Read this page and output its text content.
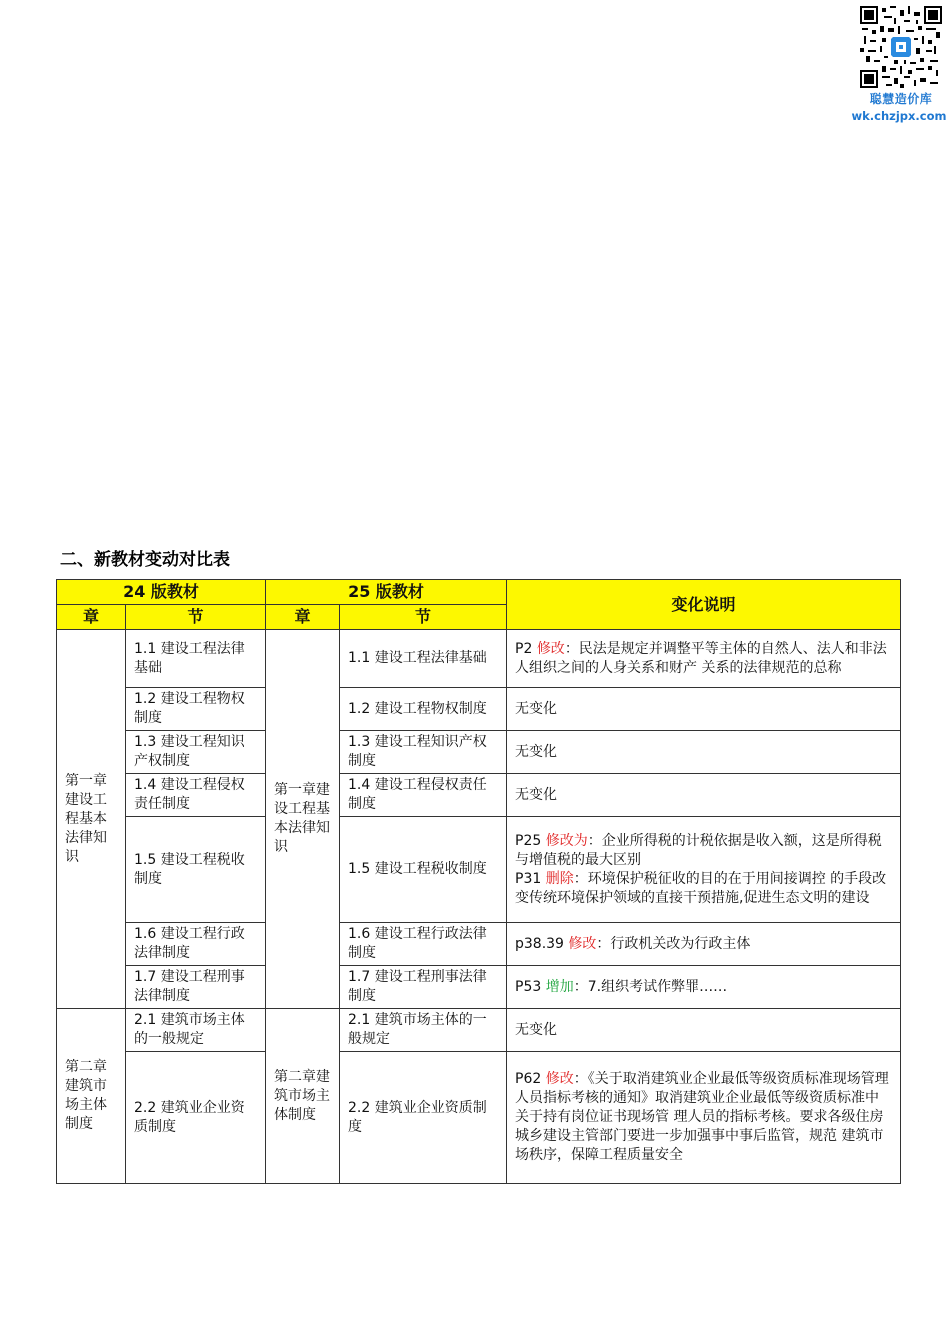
聪慧造价库
wk.chzjpx.com
二、新教材变动对比表
24 版教材		25 版教材		变化说明
章	节	章	节	
第一章建设工程基本法律知识	1.1 建设工程法律基础	第一章建设工程基本法律知识	1.1 建设工程法律基础	P2 修改：民法是规定并调整平等主体的自然人、法人和非法人组织之间的人身关系和财产 关系的法律规范的总称
	1.2 建设工程物权制度		1.2 建设工程物权制度	无变化
	1.3 建设工程知识产权制度		1.3 建设工程知识产权制度	无变化
	1.4 建设工程侵权责任制度		1.4 建设工程侵权责任制度	无变化
	1.5 建设工程税收制度		1.5 建设工程税收制度	P25 修改为：企业所得税的计税依据是收入额，这是所得税与增值税的最大区别
P31 删除：环境保护税征收的目的在于用间接调控 的手段改变传统环境保护领域的直接干预措施,促进生态文明的建设
	1.6 建设工程行政法律制度		1.6 建设工程行政法律制度	p38.39 修改：行政机关改为行政主体
	1.7 建设工程刑事法律制度		1.7 建设工程刑事法律制度	P53 增加：7.组织考试作弊罪……
第二章建筑市场主体制度	2.1 建筑市场主体的一般规定	第二章建筑市场主体制度	2.1 建筑市场主体的一般规定	无变化
	2.2 建筑业企业资质制度		2.2 建筑业企业资质制度	P62 修改：《关于取消建筑业企业最低等级资质标准现场管理人员指标考核的通知》取消建筑业企业最低等级资质标准中关于持有岗位证书现场管 理人员的指标考核。要求各级住房城乡建设主管部门要进一步加强事中事后监管，规范 建筑市场秩序，保障工程质量安全
